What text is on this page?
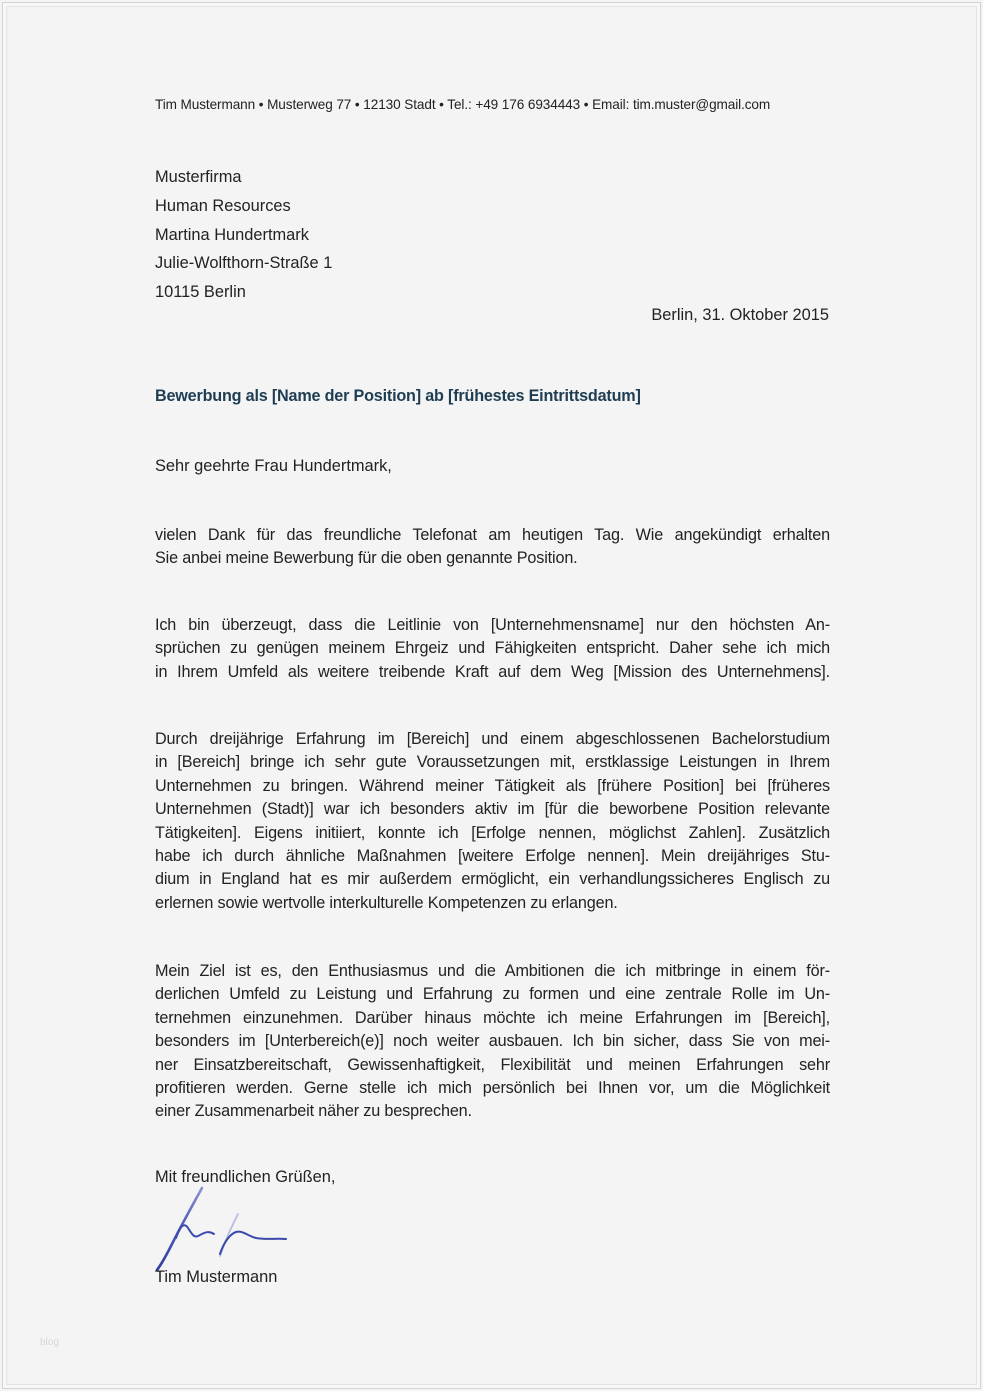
Tim Mustermann • Musterweg 77 • 12130 Stadt • Tel.: +49 176 6934443 • Email: tim.muster@gmail.com
Musterfirma
Human Resources
Martina Hundertmark
Julie-Wolfthorn-Straße 1
10115 Berlin
Berlin, 31. Oktober 2015
Bewerbung als [Name der Position] ab [frühestes Eintrittsdatum]
Sehr geehrte Frau Hundertmark,
vielen Dank für das freundliche Telefonat am heutigen Tag. Wie angekündigt erhalten
Sie anbei meine Bewerbung für die oben genannte Position.
Ich bin überzeugt, dass die Leitlinie von [Unternehmensname] nur den höchsten An-
sprüchen zu genügen meinem Ehrgeiz und Fähigkeiten entspricht. Daher sehe ich mich
in Ihrem Umfeld als weitere treibende Kraft auf dem Weg [Mission des Unternehmens].
Durch dreijährige Erfahrung im [Bereich] und einem abgeschlossenen Bachelorstudium
in [Bereich] bringe ich sehr gute Voraussetzungen mit, erstklassige Leistungen in Ihrem
Unternehmen zu bringen. Während meiner Tätigkeit als [frühere Position] bei [früheres
Unternehmen (Stadt)] war ich besonders aktiv im [für die beworbene Position relevante
Tätigkeiten]. Eigens initiiert, konnte ich [Erfolge nennen, möglichst Zahlen]. Zusätzlich
habe ich durch ähnliche Maßnahmen [weitere Erfolge nennen]. Mein dreijähriges Stu-
dium in England hat es mir außerdem ermöglicht, ein verhandlungssicheres Englisch zu
erlernen sowie wertvolle interkulturelle Kompetenzen zu erlangen.
Mein Ziel ist es, den Enthusiasmus und die Ambitionen die ich mitbringe in einem för-
derlichen Umfeld zu Leistung und Erfahrung zu formen und eine zentrale Rolle im Un-
ternehmen einzunehmen. Darüber hinaus möchte ich meine Erfahrungen im [Bereich],
besonders im [Unterbereich(e)] noch weiter ausbauen. Ich bin sicher, dass Sie von mei-
ner Einsatzbereitschaft, Gewissenhaftigkeit, Flexibilität und meinen Erfahrungen sehr
profitieren werden. Gerne stelle ich mich persönlich bei Ihnen vor, um die Möglichkeit
einer Zusammenarbeit näher zu besprechen.
Mit freundlichen Grüßen,
Tim Mustermann
blog
